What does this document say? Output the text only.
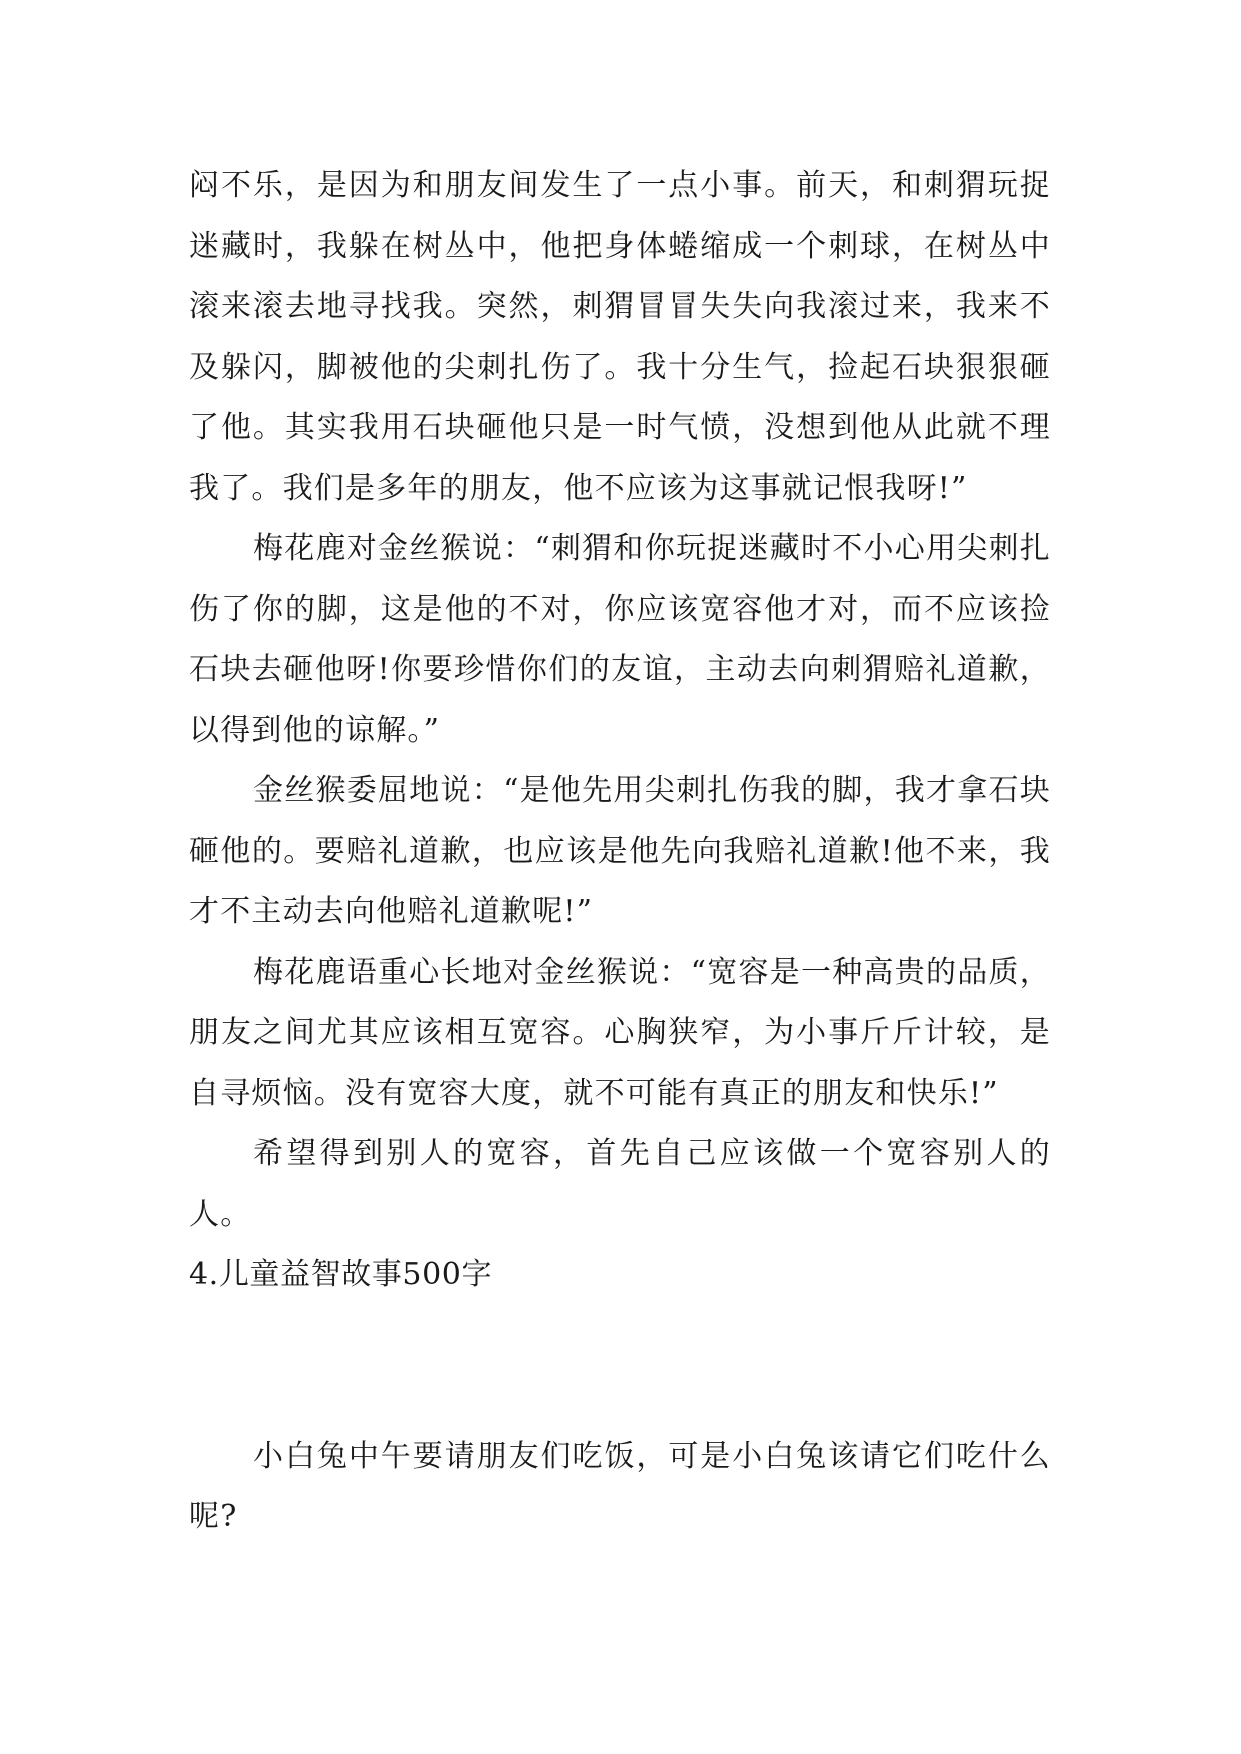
闷不乐，是因为和朋友间发生了一点小事。前天，和刺猬玩捉迷藏时，我躲在树丛中，他把身体蜷缩成一个刺球，在树丛中滚来滚去地寻找我。突然，刺猬冒冒失失向我滚过来，我来不及躲闪，脚被他的尖刺扎伤了。我十分生气，捡起石块狠狠砸了他。其实我用石块砸他只是一时气愤，没想到他从此就不理我了。我们是多年的朋友，他不应该为这事就记恨我呀!”

梅花鹿对金丝猴说：“刺猬和你玩捉迷藏时不小心用尖刺扎伤了你的脚，这是他的不对，你应该宽容他才对，而不应该捡石块去砸他呀!你要珍惜你们的友谊，主动去向刺猬赔礼道歉，以得到他的谅解。”

金丝猴委屈地说：“是他先用尖刺扎伤我的脚，我才拿石块砸他的。要赔礼道歉，也应该是他先向我赔礼道歉!他不来，我才不主动去向他赔礼道歉呢!”

梅花鹿语重心长地对金丝猴说：“宽容是一种高贵的品质，朋友之间尤其应该相互宽容。心胸狭窄，为小事斤斤计较，是自寻烦恼。没有宽容大度，就不可能有真正的朋友和快乐!”

希望得到别人的宽容，首先自己应该做一个宽容别人的人。

4.儿童益智故事500字

小白兔中午要请朋友们吃饭，可是小白兔该请它们吃什么呢?
